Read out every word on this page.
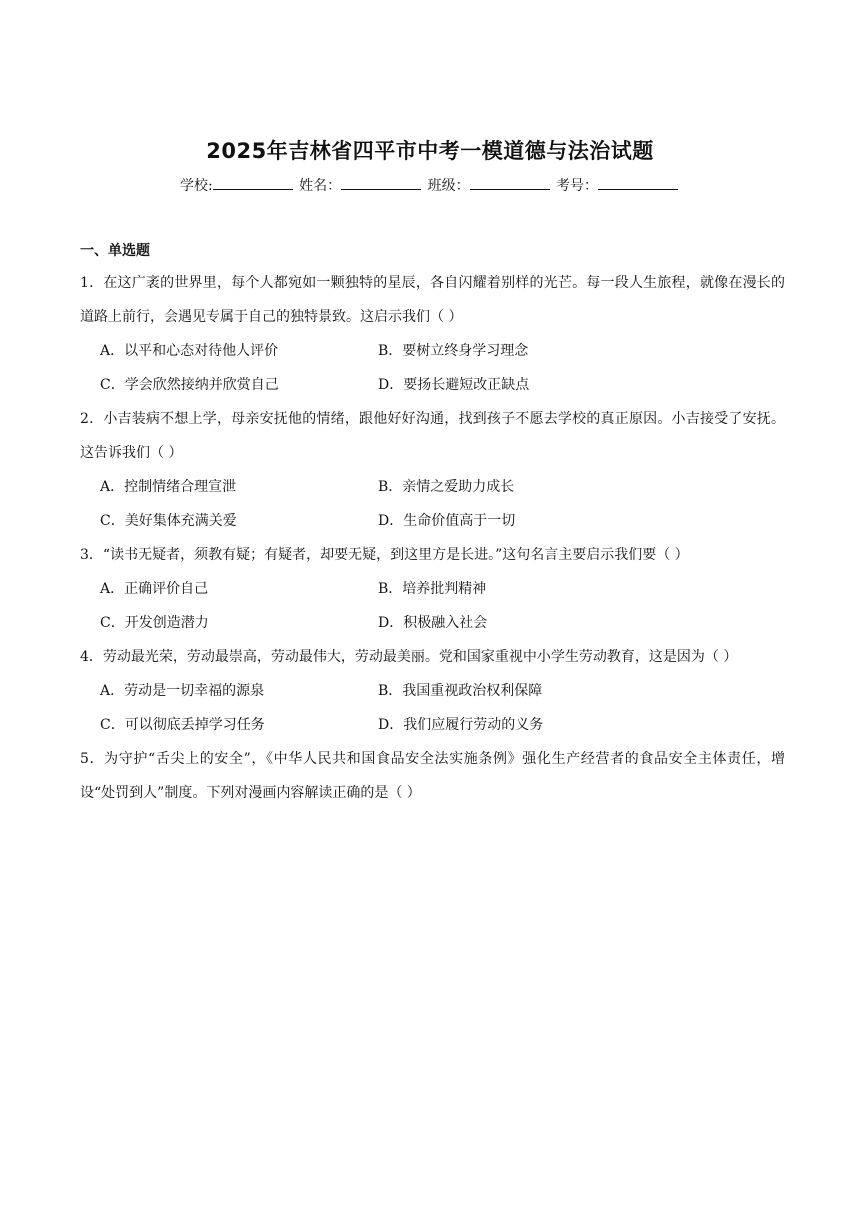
2025年吉林省四平市中考一模道德与法治试题
学校:	姓名：	班级：	考号：
一、单选题
1．在这广袤的世界里，每个人都宛如一颗独特的星辰，各自闪耀着别样的光芒。每一段人生旅程，就像在漫长的道路上前行，会遇见专属于自己的独特景致。这启示我们（ ）
A．以平和心态对待他人评价	B．要树立终身学习理念
C．学会欣然接纳并欣赏自己	D．要扬长避短改正缺点
2．小吉装病不想上学，母亲安抚他的情绪，跟他好好沟通，找到孩子不愿去学校的真正原因。小吉接受了安抚。这告诉我们（ ）
A．控制情绪合理宣泄	B．亲情之爱助力成长
C．美好集体充满关爱	D．生命价值高于一切
3．“读书无疑者，须教有疑；有疑者，却要无疑，到这里方是长进。”这句名言主要启示我们要（ ）
A．正确评价自己	B．培养批判精神
C．开发创造潜力	D．积极融入社会
4．劳动最光荣，劳动最崇高，劳动最伟大，劳动最美丽。党和国家重视中小学生劳动教育，这是因为（ ）
A．劳动是一切幸福的源泉	B．我国重视政治权利保障
C．可以彻底丢掉学习任务	D．我们应履行劳动的义务
5．为守护“舌尖上的安全”，《中华人民共和国食品安全法实施条例》强化生产经营者的食品安全主体责任，增设“处罚到人”制度。下列对漫画内容解读正确的是（ ）
